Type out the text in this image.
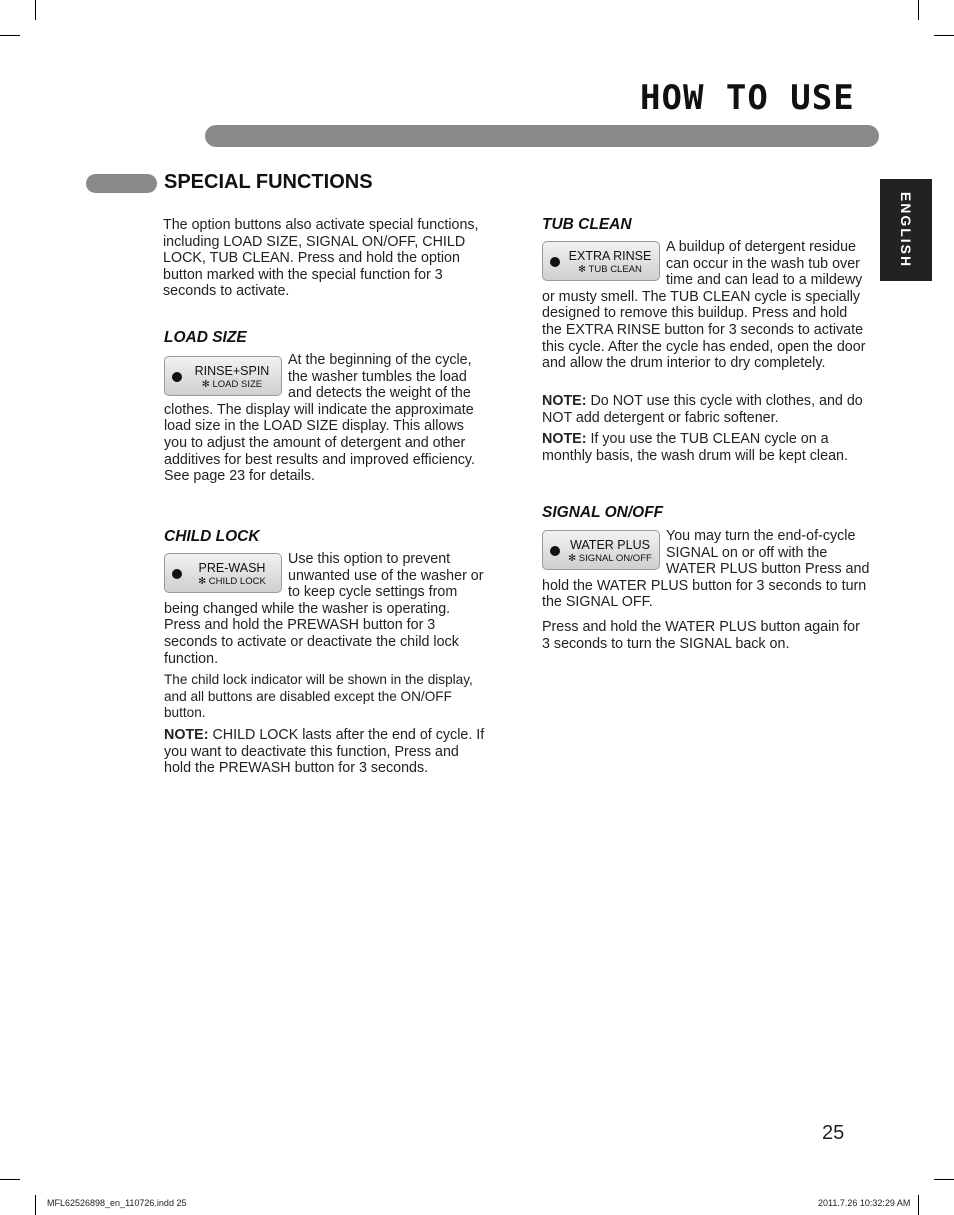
HOW TO USE
SPECIAL FUNCTIONS
ENGLISH

The option buttons also activate special functions, including LOAD SIZE, SIGNAL ON/OFF, CHILD LOCK, TUB CLEAN. Press and hold the option button marked with the special function for 3 seconds to activate.

LOAD SIZE
At the beginning of the cycle, the washer tumbles the load and detects the weight of the clothes. The display will indicate the approximate load size in the LOAD SIZE display. This allows you to adjust the amount of detergent and other additives for best results and improved efficiency. See page 23 for details.
RINSE+SPIN
✻ LOAD SIZE
CHILD LOCK
Use this option to prevent unwanted use of the washer or to keep cycle settings from being changed while the washer is operating. Press and hold the PREWASH button for 3 seconds to activate or deactivate the child lock function.
PRE-WASH
✻ CHILD LOCK

The child lock indicator will be shown in the display, and all buttons are disabled except the ON/OFF button.

NOTE: CHILD LOCK lasts after the end of cycle. If you want to deactivate this function, Press and hold the PREWASH button for 3 seconds.

TUB CLEAN
A buildup of detergent residue can occur in the wash tub over time and can lead to a mildewy or musty smell. The TUB CLEAN cycle is specially designed to remove this buildup. Press and hold the EXTRA RINSE button for 3 seconds to activate this cycle. After the cycle has ended, open the door and allow the drum interior to dry completely.
EXTRA RINSE
✻ TUB CLEAN

NOTE: Do NOT use this cycle with clothes, and do NOT add detergent or fabric softener.

NOTE: If you use the TUB CLEAN cycle on a monthly basis, the wash drum will be kept clean.

SIGNAL ON/OFF
You may turn the end-of-cycle SIGNAL on or off with the WATER PLUS button Press and hold the WATER PLUS button for 3 seconds to turn the SIGNAL OFF.
WATER PLUS
✻ SIGNAL ON/OFF

Press and hold the WATER PLUS button again for 3 seconds to turn the SIGNAL back on.

25
MFL62526898_en_110726.indd 25	2011.7.26 10:32:29 AM
